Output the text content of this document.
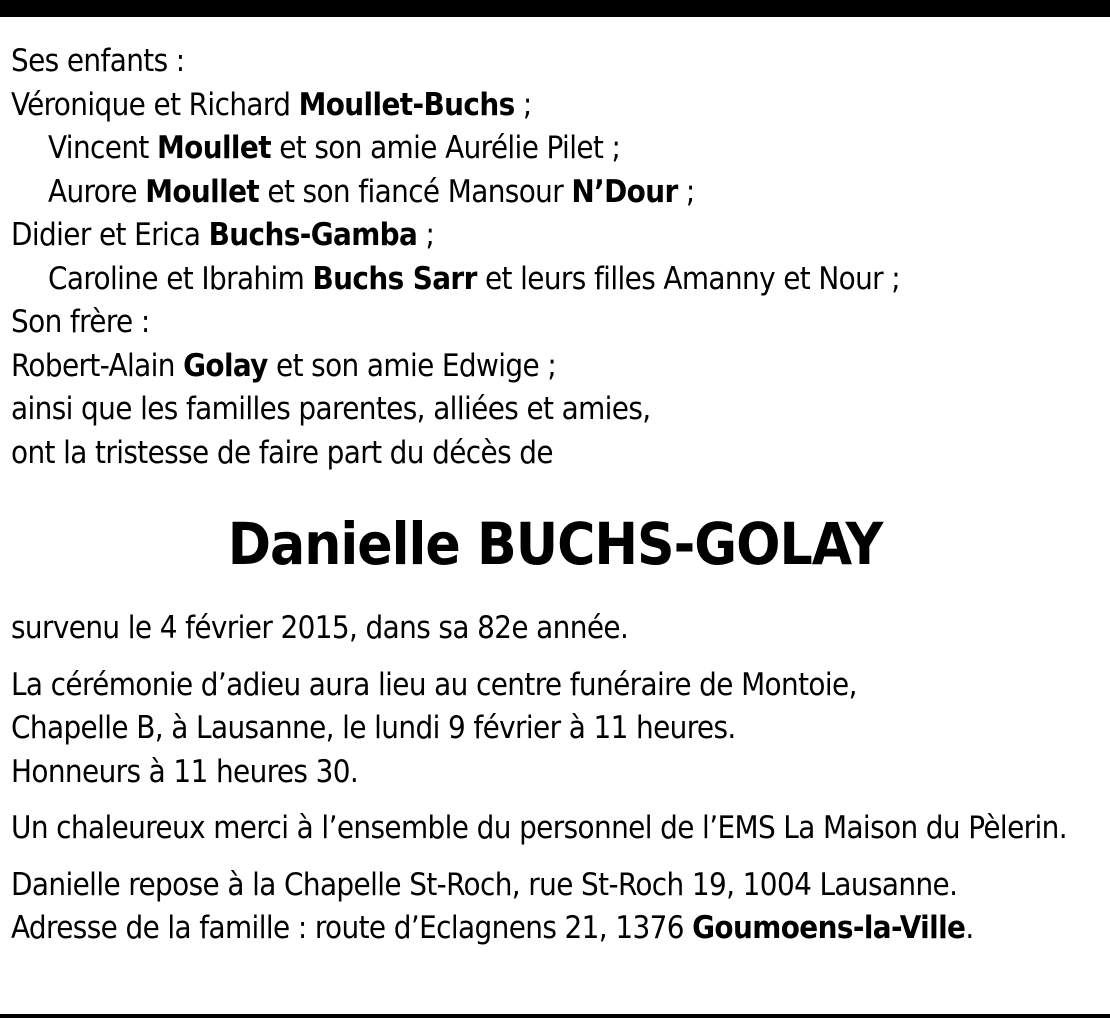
Ses enfants :
Véronique et Richard Moullet-Buchs ;
Vincent Moullet et son amie Aurélie Pilet ;
Aurore Moullet et son fiancé Mansour N’Dour ;
Didier et Erica Buchs-Gamba ;
Caroline et Ibrahim Buchs Sarr et leurs filles Amanny et Nour ;
Son frère :
Robert-Alain Golay et son amie Edwige ;
ainsi que les familles parentes, alliées et amies,
ont la tristesse de faire part du décès de
Danielle BUCHS-GOLAY
survenu le 4 février 2015, dans sa 82e année.
La cérémonie d’adieu aura lieu au centre funéraire de Montoie,
Chapelle B, à Lausanne, le lundi 9 février à 11 heures.
Honneurs à 11 heures 30.
Un chaleureux merci à l’ensemble du personnel de l’EMS La Maison du Pèlerin.
Danielle repose à la Chapelle St-Roch, rue St-Roch 19, 1004 Lausanne.
Adresse de la famille : route d’Eclagnens 21, 1376 Goumoens-la-Ville.
